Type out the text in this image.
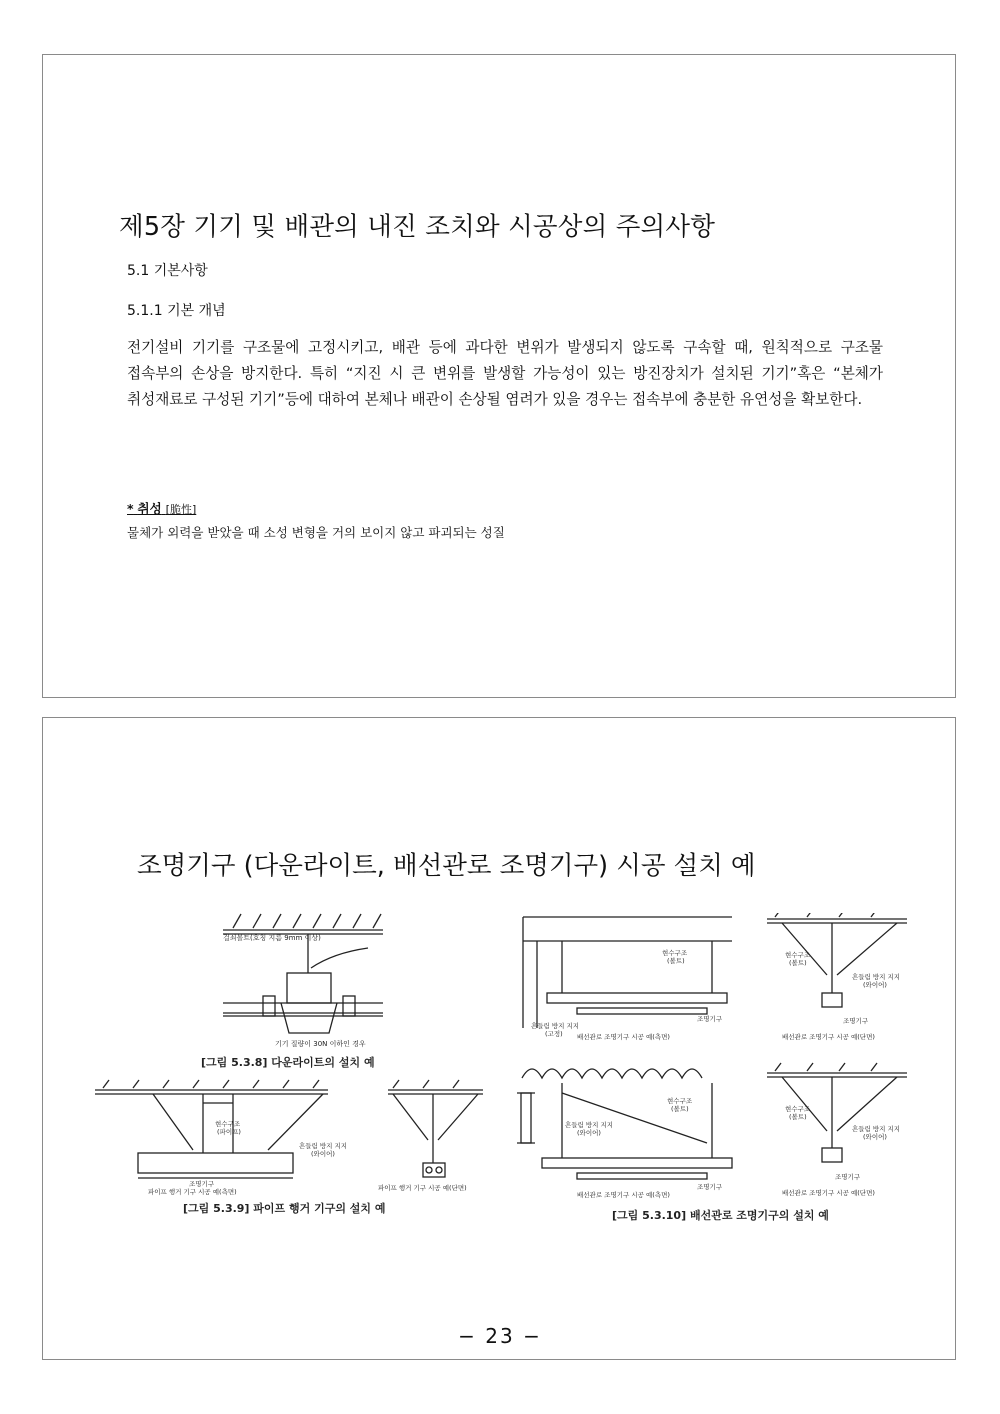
제5장 기기 및 배관의 내진 조치와 시공상의 주의사항
5.1 기본사항
5.1.1 기본 개념
전기설비 기기를 구조물에 고정시키고, 배관 등에 과다한 변위가 발생되지 않도록 구속할 때, 원칙적으로 구조물 접속부의 손상을 방지한다. 특히 “지진 시 큰 변위를 발생할 가능성이 있는 방진장치가 설치된 기기”혹은 “본체가 취성재료로 구성된 기기”등에 대하여 본체나 배관이 손상될 염려가 있을 경우는 접속부에 충분한 유연성을 확보한다.
* 취성 [脆性]
물체가 외력을 받았을 때 소성 변형을 거의 보이지 않고 파괴되는 성질
조명기구 (다운라이트, 배선관로 조명기구) 시공 설치 예
걸쇠볼트(호칭 지름 9mm 이상)
기기 질량이 30N 이하인 경우
[그림 5.3.8] 다운라이트의 설치 예
현수구조
(파이프)
흔들림 방지 지지
(와이어)
조명기구
파이프 행거 기구 시공 예(측면)	파이프 행거 기구 시공 예(단면)
[그림 5.3.9] 파이프 행거 기구의 설치 예
현수구조
(볼트)
흔들림 방지 지지
(고정)
조명기구
배선관로 조명기구 시공 예(측면)
현수구조
(볼트)
흔들림 방지 지지
(와이어)
조명기구
배선관로 조명기구 시공 예(단면)
현수구조
(볼트)
흔들림 방지 지지
(와이어)
조명기구
배선관로 조명기구 시공 예(측면)
현수구조
(볼트)
흔들림 방지 지지
(와이어)
조명기구
배선관로 조명기구 시공 예(단면)
[그림 5.3.10] 배선관로 조명기구의 설치 예
− 23 −
